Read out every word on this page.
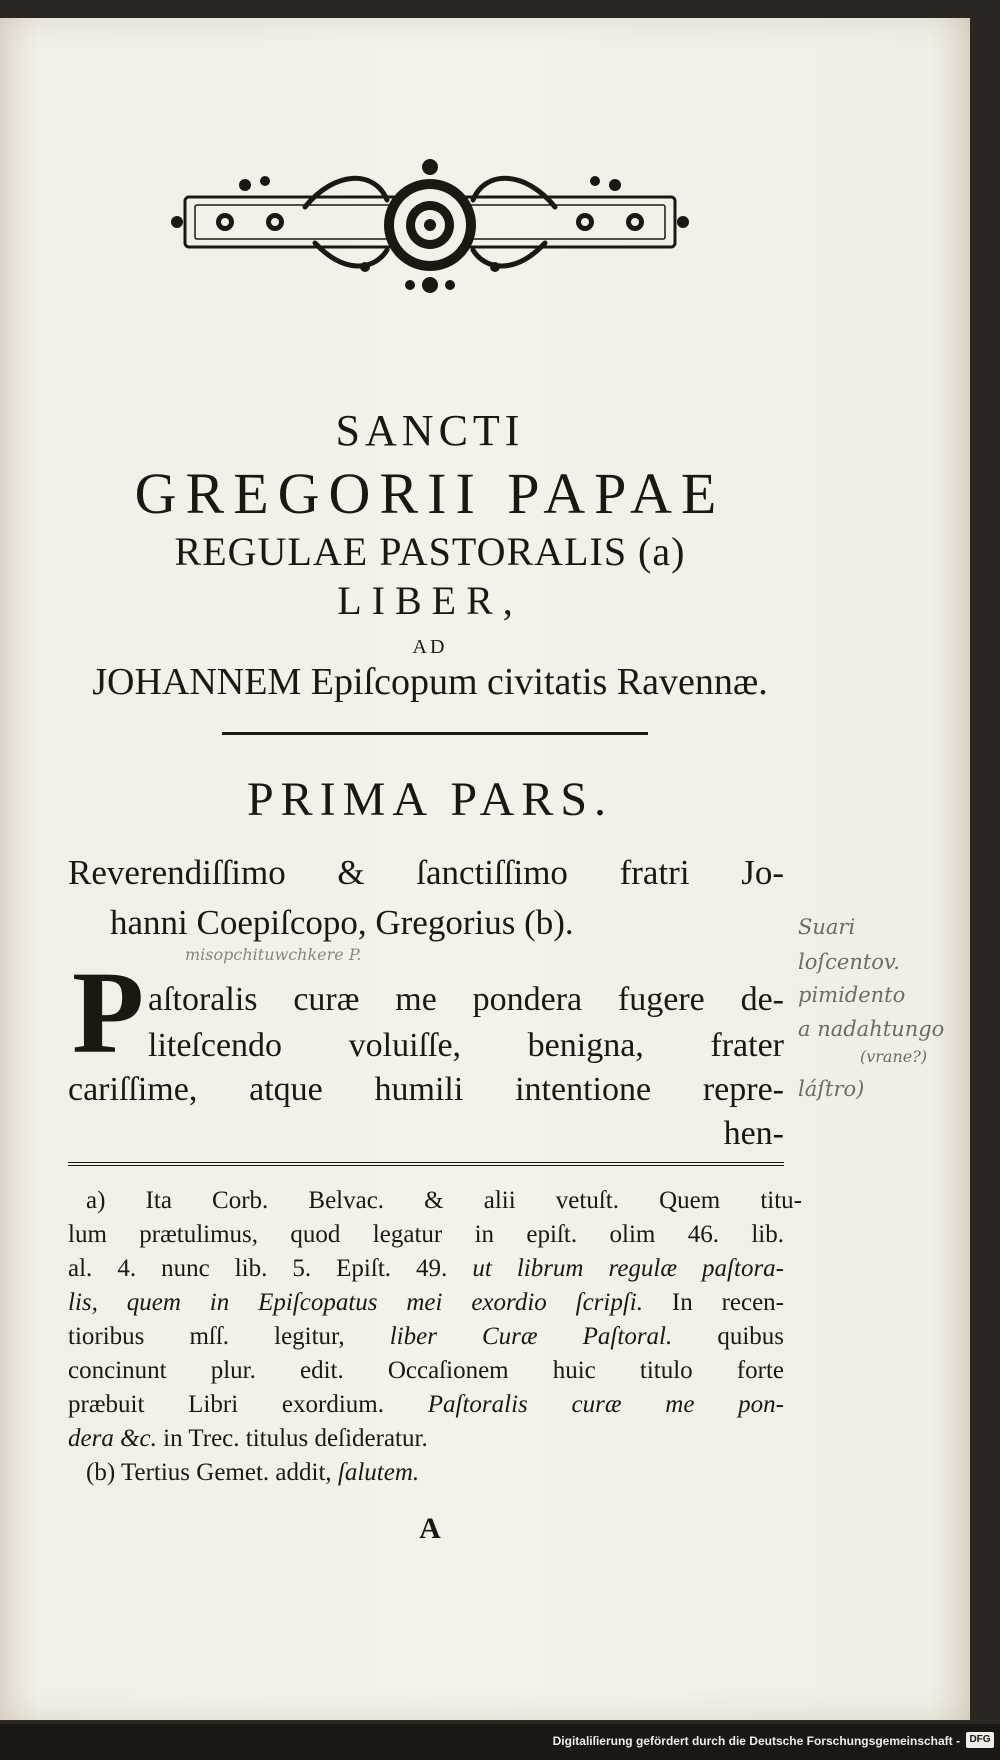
SANCTI
GREGORII PAPAE
REGULAE PASTORALIS (a)
LIBER,
AD
JOHANNEM Epiſcopum civitatis Ravennæ.
PRIMA PARS.
Reverendiſſimo & ſanctiſſimo fratri Jo-
hanni Coepiſcopo, Gregorius (b).
misopchituwchkere P.
P aſtoralis curæ me pondera fugere de-
liteſcendo voluiſſe, benigna, frater
cariſſime, atque humili intentione repre-
hen-
a) Ita Corb. Belvac. & alii vetuſt. Quem titu-
lum prætulimus, quod legatur in epiſt. olim 46. lib.
al. 4. nunc lib. 5. Epiſt. 49. ut librum regulæ paſtora-
lis, quem in Epiſcopatus mei exordio ſcripſi. In recen-
tioribus mſſ. legitur, liber Curæ Paſtoral. quibus
concinunt plur. edit. Occaſionem huic titulo forte
præbuit Libri exordium. Paſtoralis curæ me pon-
dera &c. in Trec. titulus deſideratur.
(b) Tertius Gemet. addit, ſalutem.
A
Suari
loſcentov.
pimidento
a nadahtungo
(vrane?)
láſtro)
Digitaliſierung gefördert durch die Deutsche Forschungsgemeinschaft - DFG
